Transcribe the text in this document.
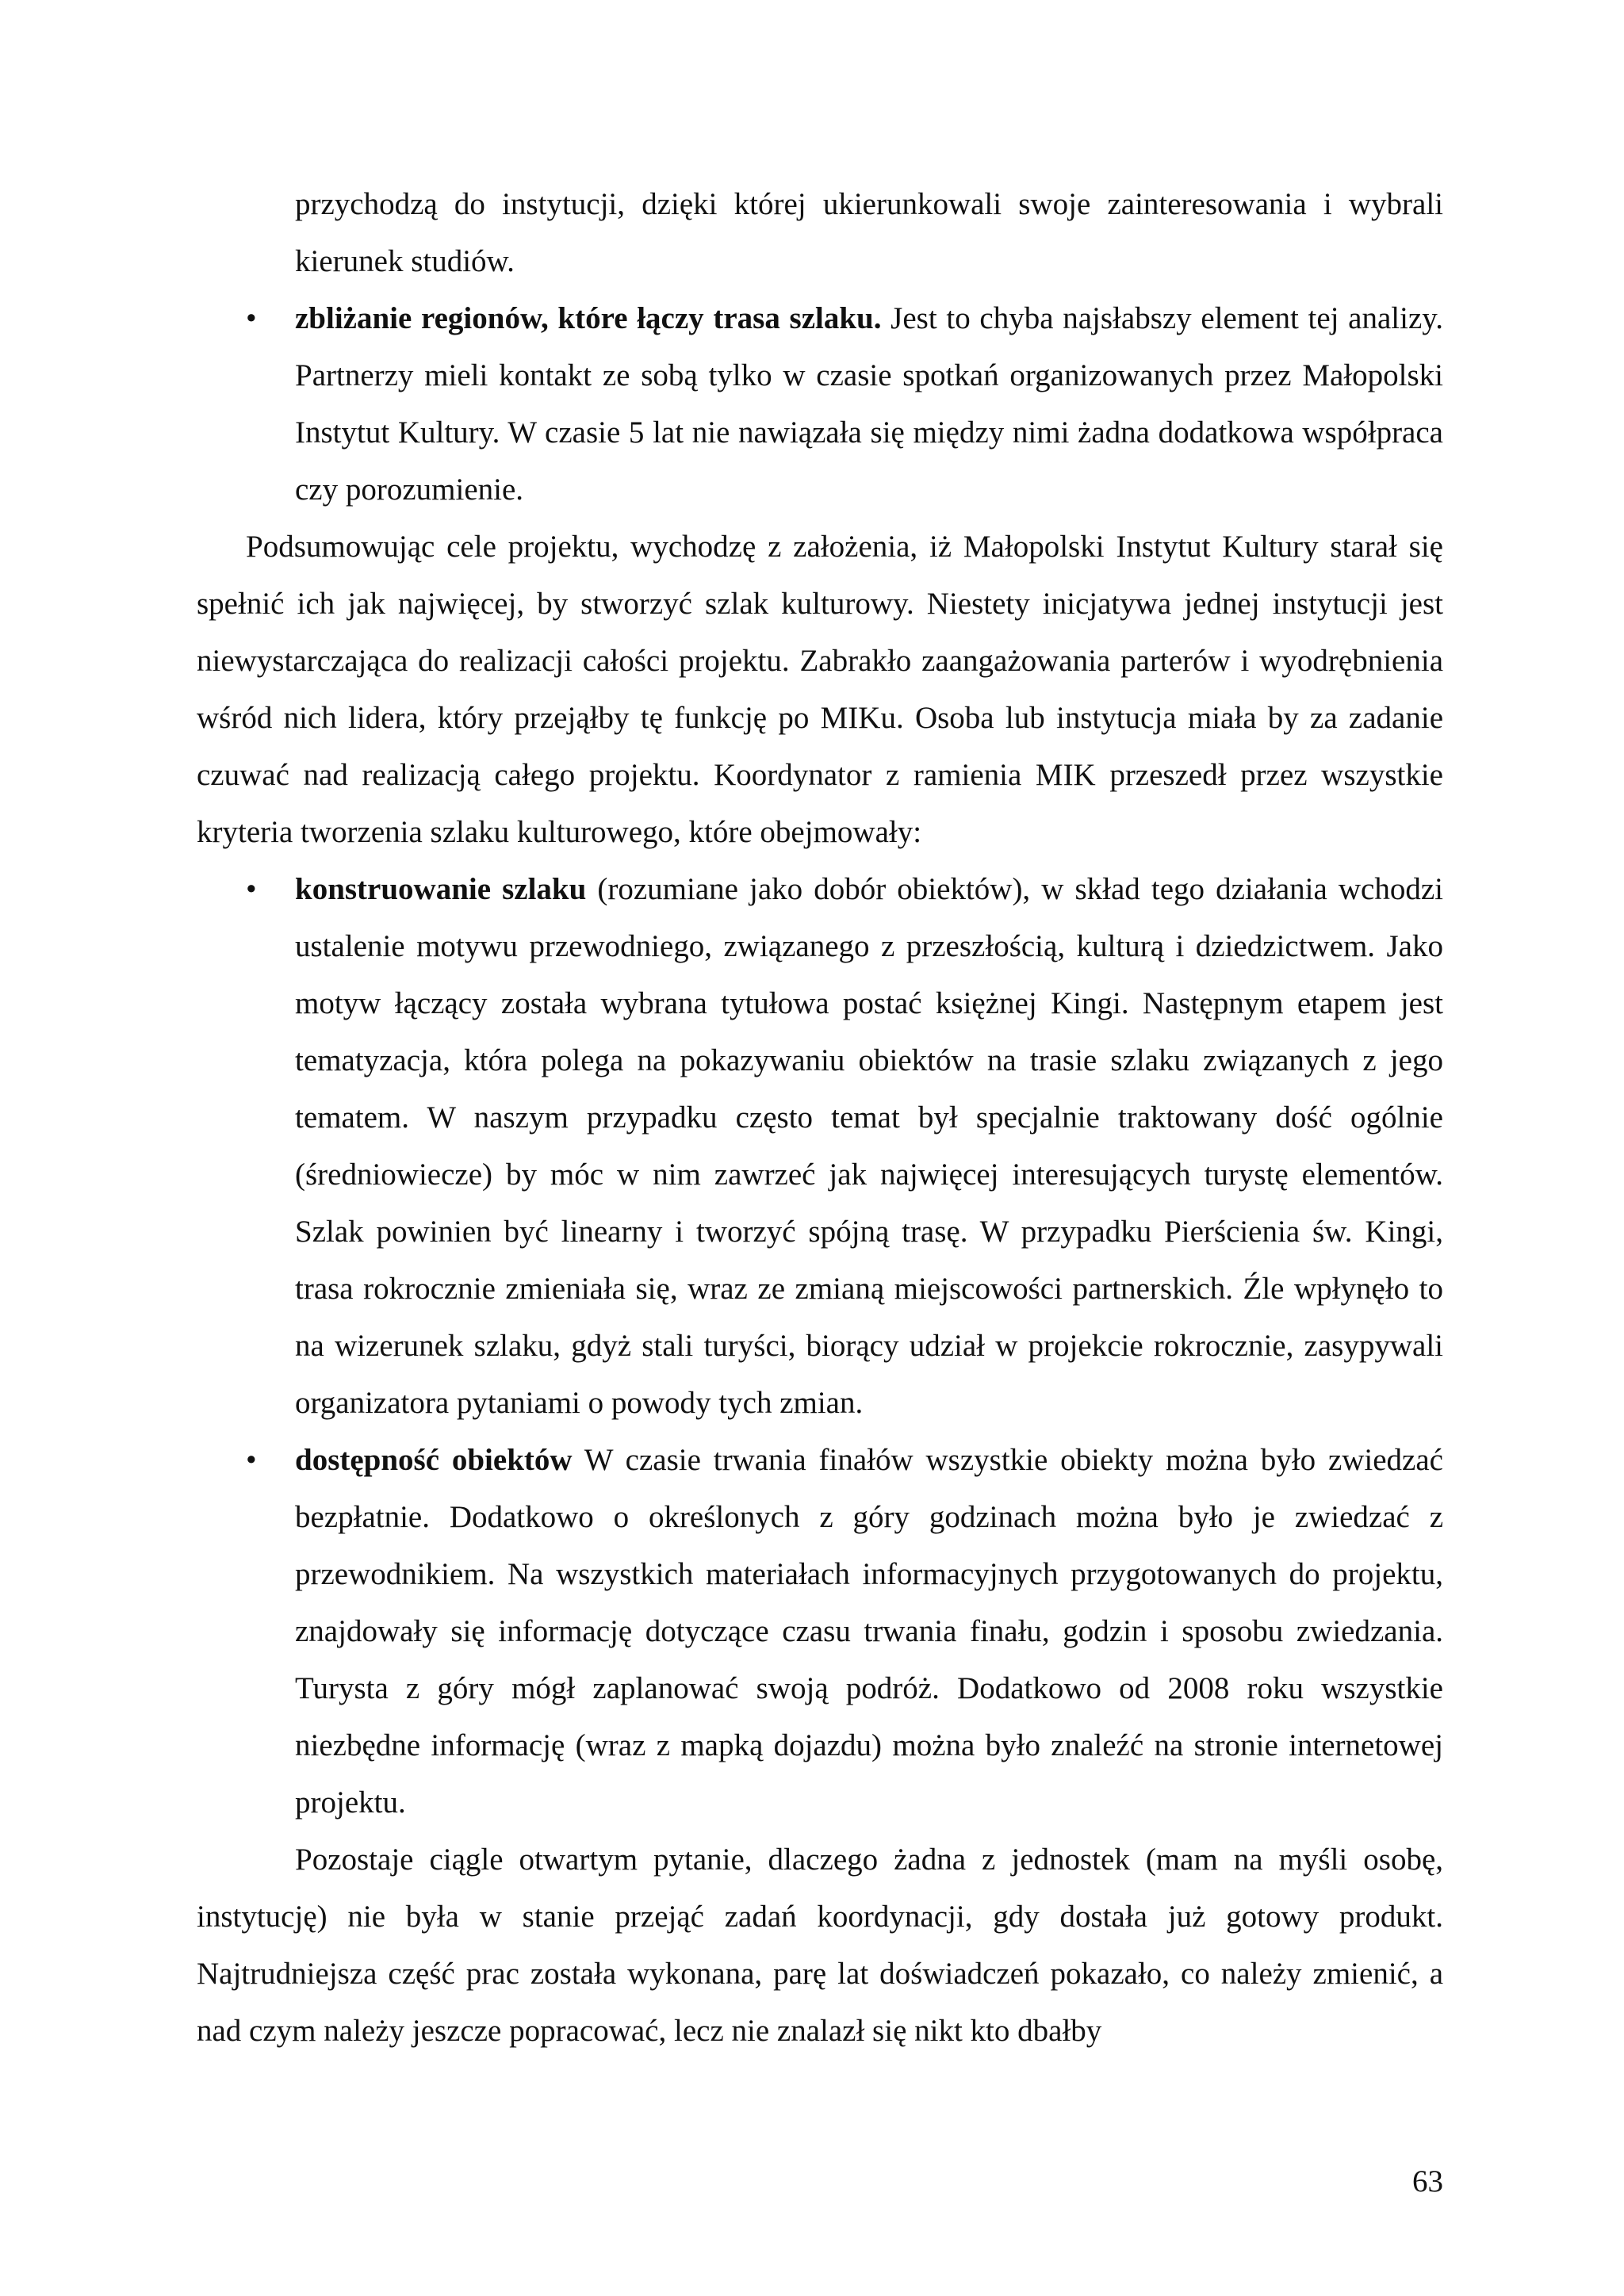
przychodzą do instytucji, dzięki której ukierunkowali swoje zainteresowania i wybrali kierunek studiów.

•	zbliżanie regionów, które łączy trasa szlaku. Jest to chyba najsłabszy element tej analizy. Partnerzy mieli kontakt ze sobą tylko w czasie spotkań organizowanych przez Małopolski Instytut Kultury. W czasie 5 lat nie nawiązała się między nimi żadna dodatkowa współpraca czy porozumienie.

Podsumowując cele projektu, wychodzę z założenia, iż Małopolski Instytut Kultury starał się spełnić ich jak najwięcej, by stworzyć szlak kulturowy. Niestety inicjatywa jednej instytucji jest niewystarczająca do realizacji całości projektu. Zabrakło zaangażowania parterów i wyodrębnienia wśród nich lidera, który przejąłby tę funkcję po MIKu. Osoba lub instytucja miała by za zadanie czuwać nad realizacją całego projektu. Koordynator z ramienia MIK przeszedł przez wszystkie kryteria tworzenia szlaku kulturowego, które obejmowały:

•	konstruowanie szlaku (rozumiane jako dobór obiektów), w skład tego działania wchodzi ustalenie motywu przewodniego, związanego z przeszłością, kulturą i dziedzictwem. Jako motyw łączący została wybrana tytułowa postać księżnej Kingi. Następnym etapem jest tematyzacja, która polega na pokazywaniu obiektów na trasie szlaku związanych z jego tematem. W naszym przypadku często temat był specjalnie traktowany dość ogólnie (średniowiecze) by móc w nim zawrzeć jak najwięcej interesujących turystę elementów. Szlak powinien być linearny i tworzyć spójną trasę. W przypadku Pierścienia św. Kingi, trasa rokrocznie zmieniała się, wraz ze zmianą miejscowości partnerskich. Źle wpłynęło to na wizerunek szlaku, gdyż stali turyści, biorący udział w projekcie rokrocznie, zasypywali organizatora pytaniami o powody tych zmian.

•	dostępność obiektów W czasie trwania finałów wszystkie obiekty można było zwiedzać bezpłatnie. Dodatkowo o określonych z góry godzinach można było je zwiedzać z przewodnikiem. Na wszystkich materiałach informacyjnych przygotowanych do projektu, znajdowały się informację dotyczące czasu trwania finału, godzin i sposobu zwiedzania. Turysta z góry mógł zaplanować swoją podróż. Dodatkowo od 2008 roku wszystkie niezbędne informację (wraz z mapką dojazdu) można było znaleźć na stronie internetowej projektu.

Pozostaje ciągle otwartym pytanie, dlaczego żadna z jednostek (mam na myśli osobę, instytucję) nie była w stanie przejąć zadań koordynacji, gdy dostała już gotowy produkt. Najtrudniejsza część prac została wykonana, parę lat doświadczeń pokazało, co należy zmienić, a nad czym należy jeszcze popracować, lecz nie znalazł się nikt kto dbałby

63
